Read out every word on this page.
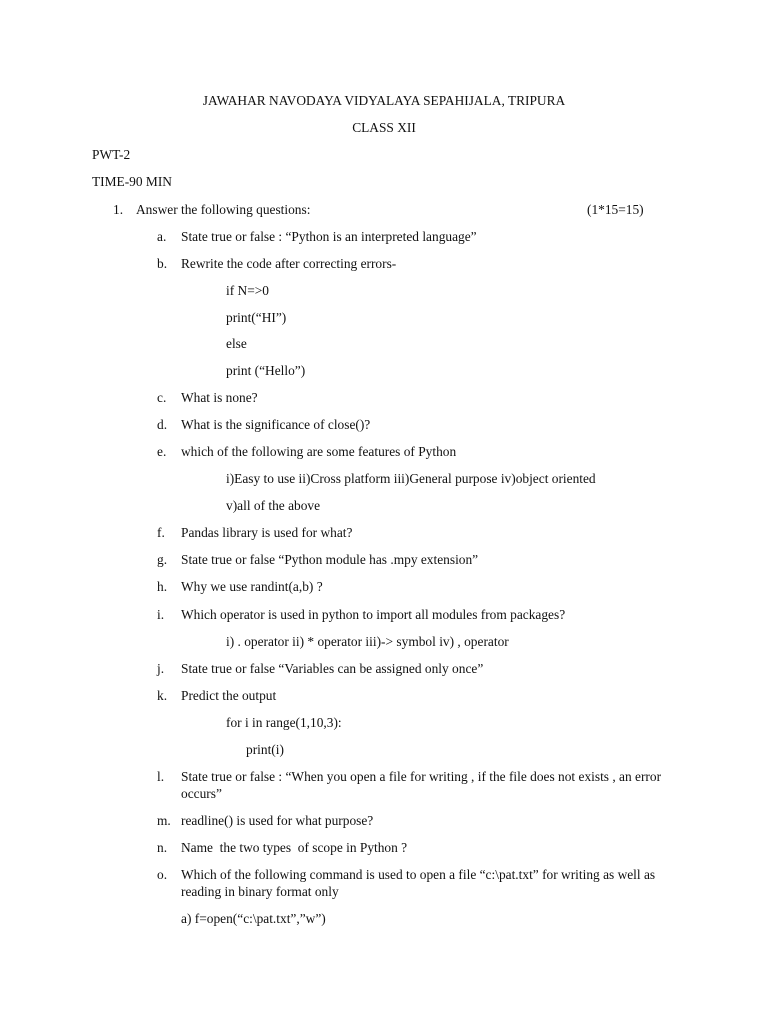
JAWAHAR NAVODAYA VIDYALAYA SEPAHIJALA, TRIPURA
CLASS XII
PWT-2
TIME-90 MIN
1. Answer the following questions:	(1*15=15)
a. State true or false : “Python is an interpreted language”
b. Rewrite the code after correcting errors-
if N=>0
print(“HI”)
else
print (“Hello”)
c. What is none?
d. What is the significance of close()?
e. which of the following are some features of Python
i)Easy to use ii)Cross platform iii)General purpose iv)object oriented
v)all of the above
f. Pandas library is used for what?
g. State true or false “Python module has .mpy extension”
h. Why we use randint(a,b) ?
i. Which operator is used in python to import all modules from packages?
i) . operator ii) * operator iii)-> symbol iv) , operator
j. State true or false “Variables can be assigned only once”
k. Predict the output
for i in range(1,10,3):
print(i)
l. State true or false : “When you open a file for writing , if the file does not exists , an error occurs”
m. readline() is used for what purpose?
n. Name  the two types  of scope in Python ?
o. Which of the following command is used to open a file “c:\pat.txt” for writing as well as reading in binary format only
a) f=open(“c:\pat.txt”,”w”)
